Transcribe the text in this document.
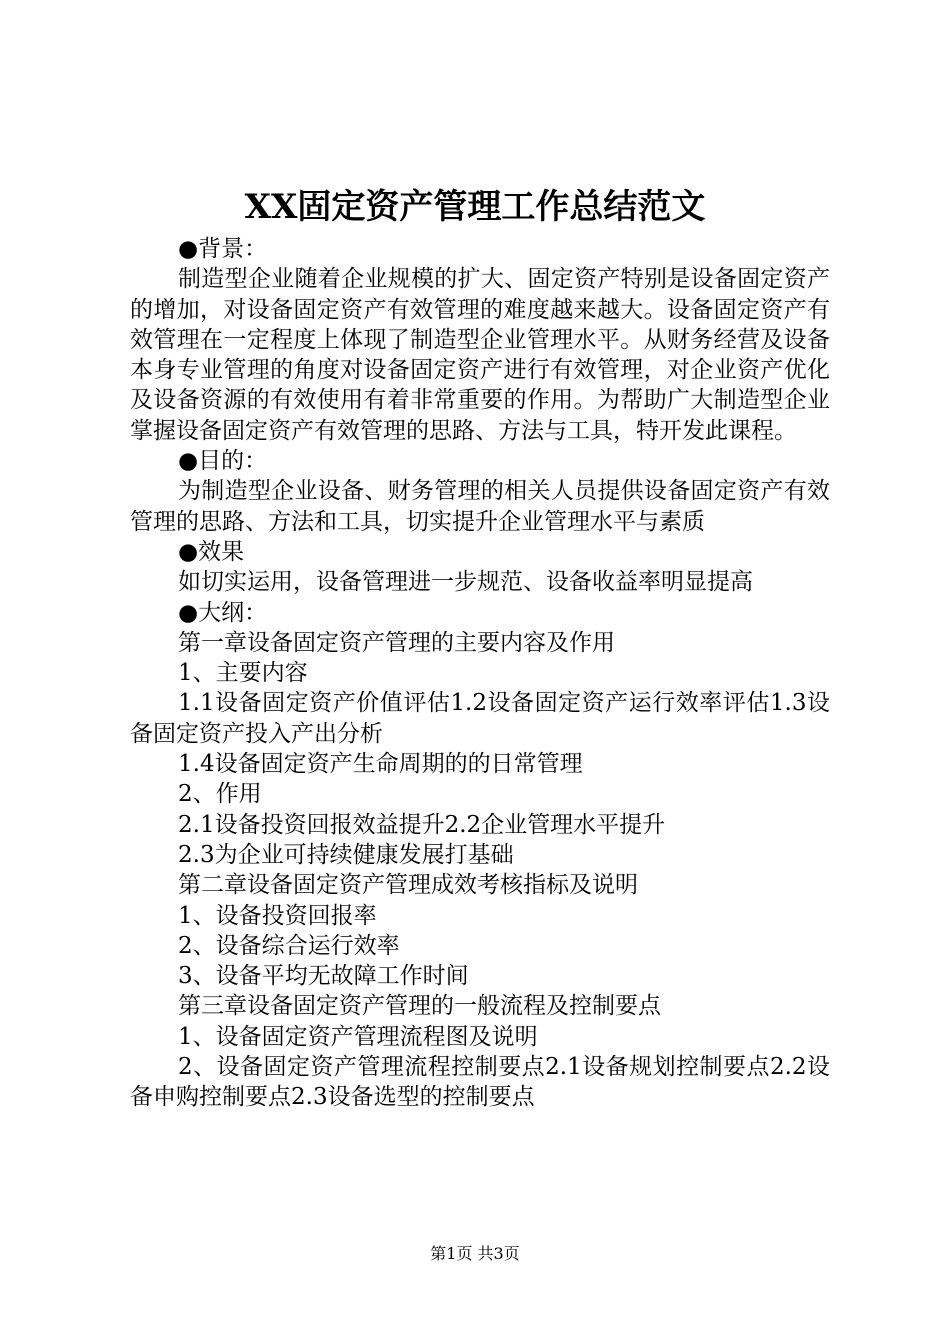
XX固定资产管理工作总结范文

●背景：

制造型企业随着企业规模的扩大、固定资产特别是设备固定资产的增加，对设备固定资产有效管理的难度越来越大。设备固定资产有效管理在一定程度上体现了制造型企业管理水平。从财务经营及设备本身专业管理的角度对设备固定资产进行有效管理，对企业资产优化及设备资源的有效使用有着非常重要的作用。为帮助广大制造型企业掌握设备固定资产有效管理的思路、方法与工具，特开发此课程。

●目的：

为制造型企业设备、财务管理的相关人员提供设备固定资产有效管理的思路、方法和工具，切实提升企业管理水平与素质

●效果

如切实运用，设备管理进一步规范、设备收益率明显提高

●大纲：

第一章设备固定资产管理的主要内容及作用

1、主要内容

1.1设备固定资产价值评估1.2设备固定资产运行效率评估1.3设备固定资产投入产出分析

1.4设备固定资产生命周期的的日常管理

2、作用

2.1设备投资回报效益提升2.2企业管理水平提升

2.3为企业可持续健康发展打基础

第二章设备固定资产管理成效考核指标及说明

1、设备投资回报率

2、设备综合运行效率

3、设备平均无故障工作时间

第三章设备固定资产管理的一般流程及控制要点

1、设备固定资产管理流程图及说明

2、设备固定资产管理流程控制要点2.1设备规划控制要点2.2设备申购控制要点2.3设备选型的控制要点

第1页 共3页
